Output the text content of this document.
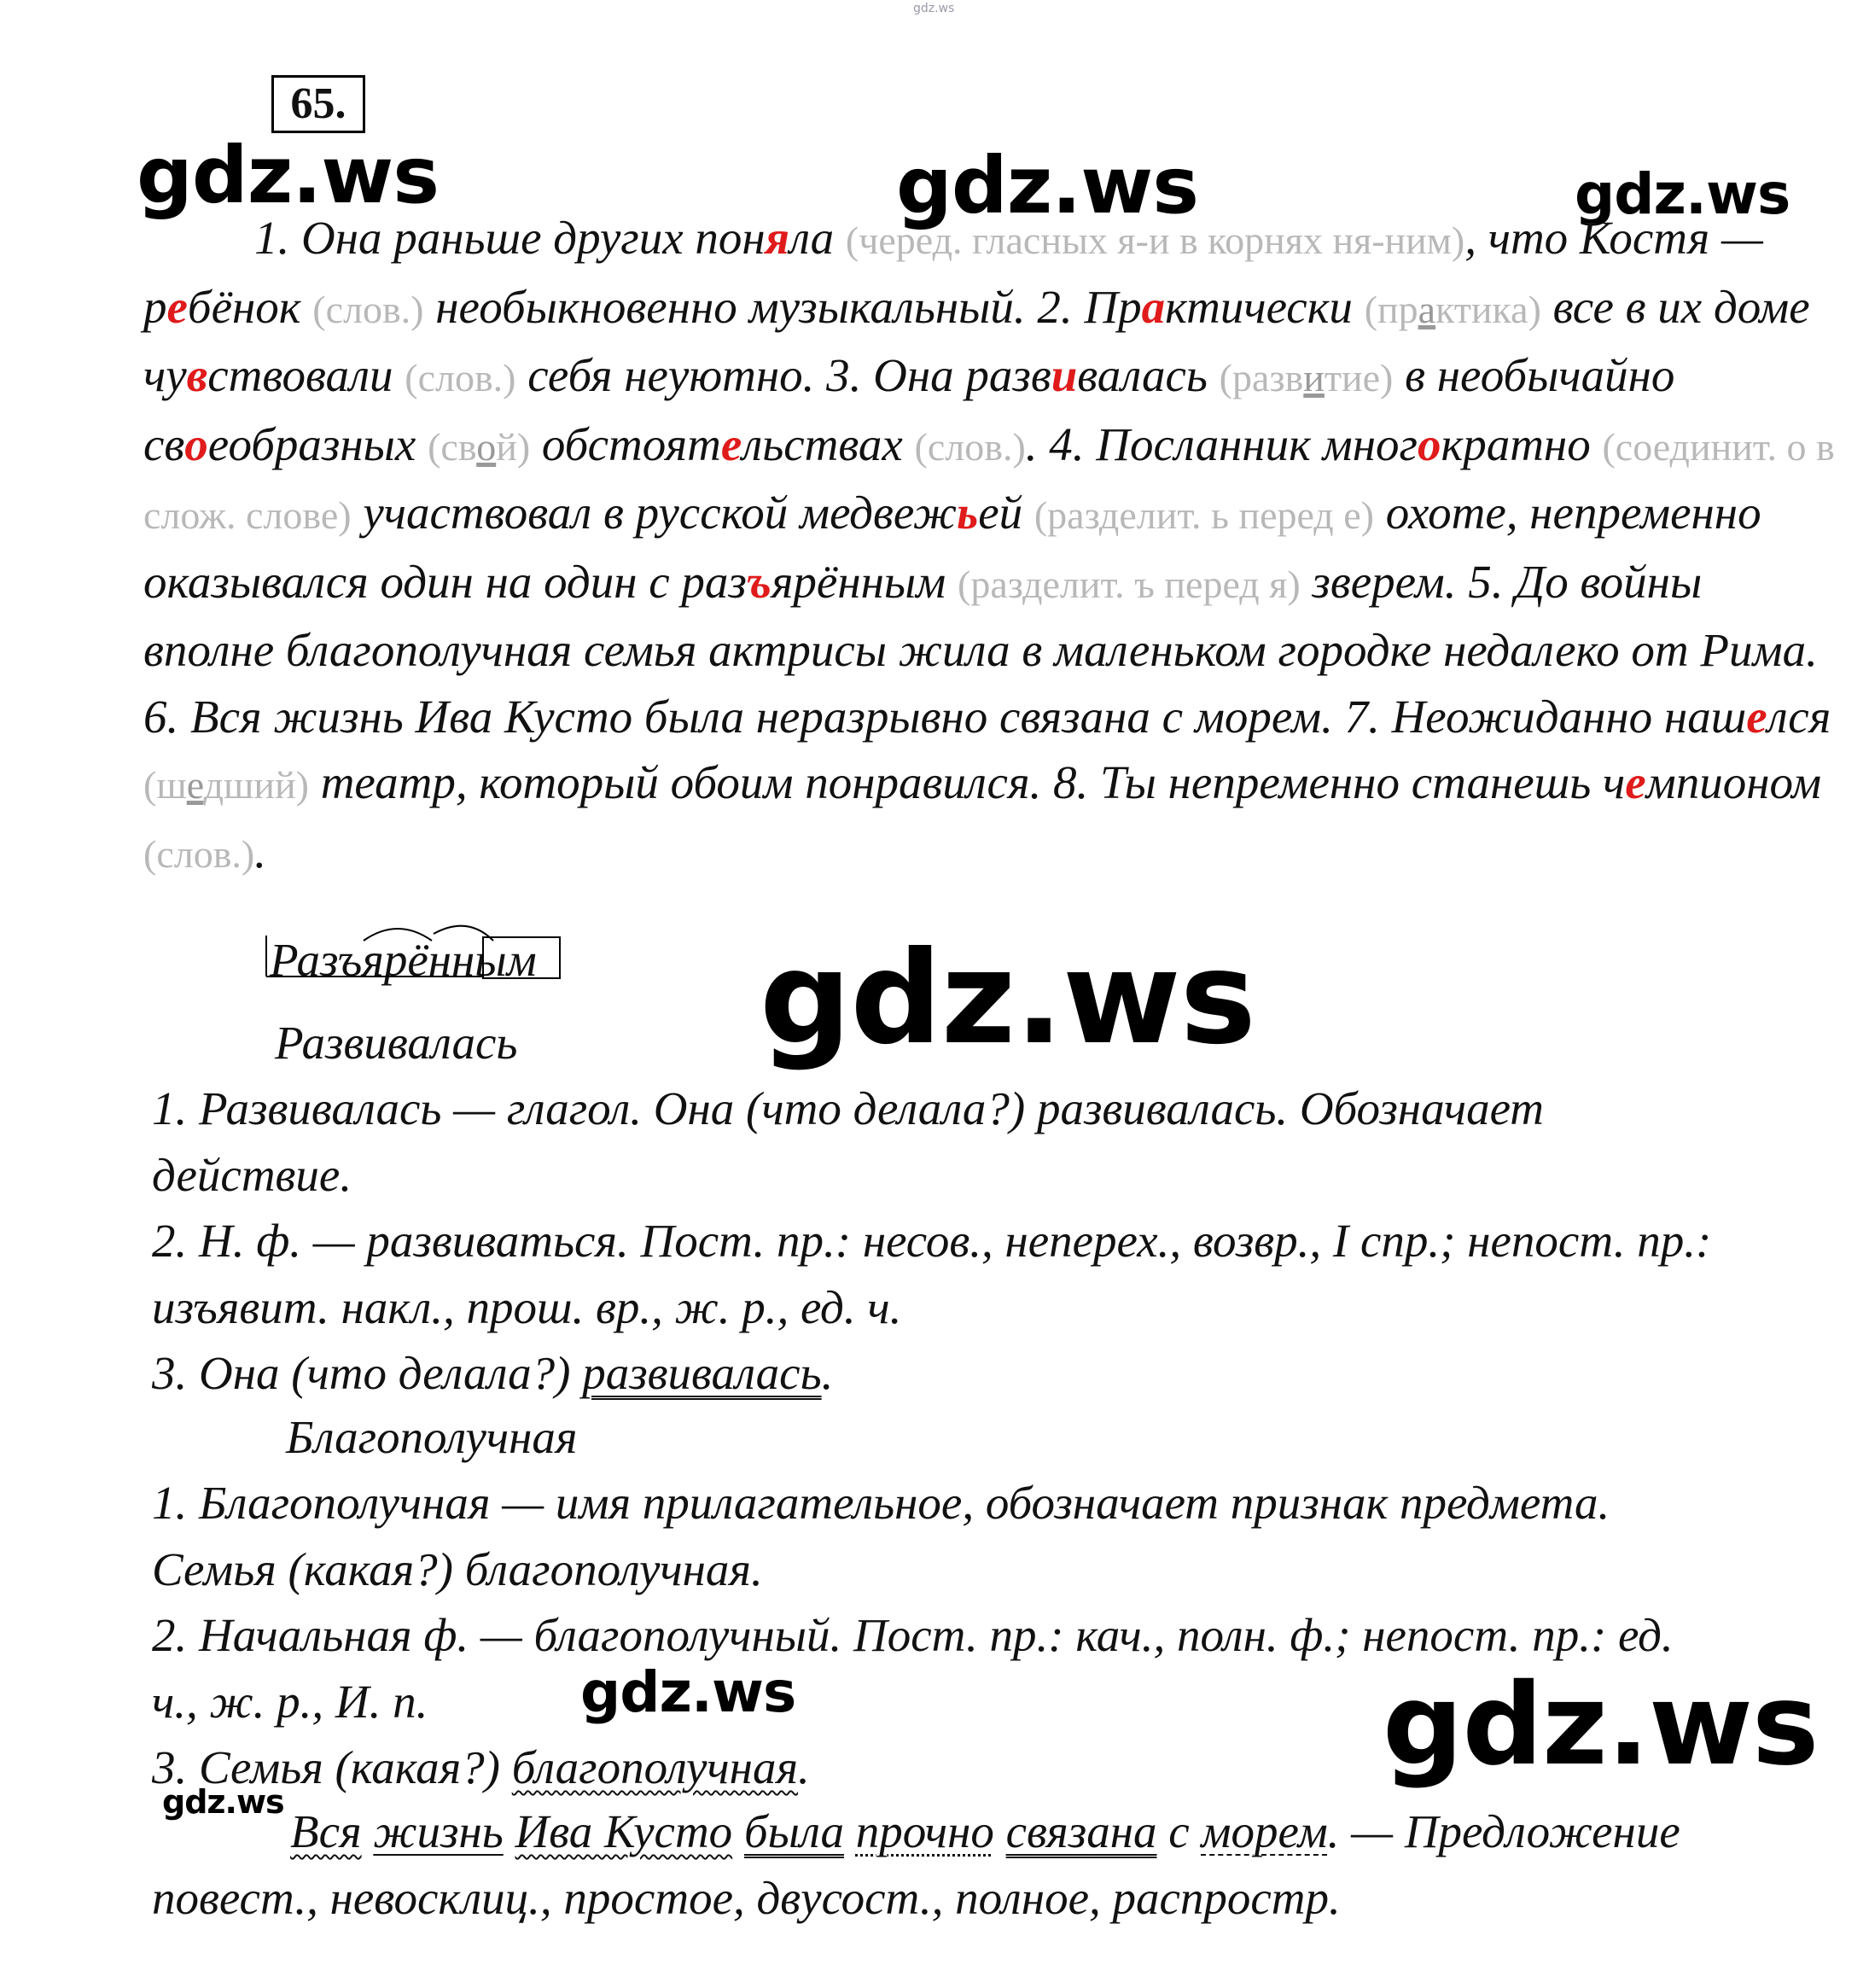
gdz.ws
65.
gdz.ws	gdz.ws	gdz.ws
gdz.ws
gdz.ws	gdz.ws
gdz.ws
1. Она раньше других поняла (черед. гласных я-и в корнях ня-ним), что Костя — ребёнок (слов.) необыкновенно музыкальный. 2. Практически (практика) все в их доме чувствовали (слов.) себя неуютно. 3. Она развивалась (развитие) в необычайно своеобразных (свой) обстоятельствах (слов.). 4. Посланник многократно (соединит. о в слож. слове) участвовал в русской медвежьей (разделит. ь перед е) охоте, непременно оказывался один на один с разъярённым (разделит. ъ перед я) зверем. 5. До войны вполне благополучная семья актрисы жила в маленьком городке недалеко от Рима. 6. Вся жизнь Ива Кусто была неразрывно связана с морем. 7. Неожиданно нашелся (шедший) театр, который обоим понравился. 8. Ты непременно станешь чемпионом (слов.).
Разъярённым
Развивалась
1. Развивалась — глагол. Она (что делала?) развивалась. Обозначает
действие.
2. Н. ф. — развиваться. Пост. пр.: несов., неперех., возвр., I спр.; непост. пр.:
изъявит. накл., прош. вр., ж. р., ед. ч.
3. Она (что делала?) развивалась.
Благополучная
1. Благополучная — имя прилагательное, обозначает признак предмета.
Семья (какая?) благополучная.
2. Начальная ф. — благополучный. Пост. пр.: кач., полн. ф.; непост. пр.: ед.
ч., ж. р., И. п.
3. Семья (какая?) благополучная.
Вся жизнь Ива Кусто была прочно связана с морем. — Предложение
повест., невосклиц., простое, двусост., полное, распростр.
